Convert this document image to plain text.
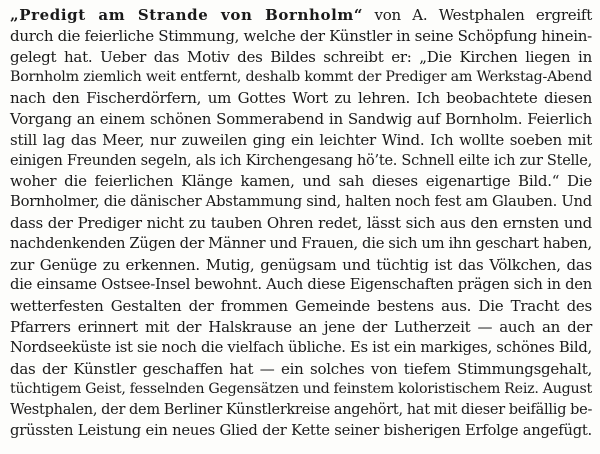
„Predigt am Strande von Bornholm“ von A. Westphalen ergreift
durch die feierliche Stimmung, welche der Künstler in seine Schöpfung hinein-
gelegt hat. Ueber das Motiv des Bildes schreibt er: „Die Kirchen liegen in
Bornholm ziemlich weit entfernt, deshalb kommt der Prediger am Werkstag-Abend
nach den Fischerdörfern, um Gottes Wort zu lehren. Ich beobachtete diesen
Vorgang an einem schönen Sommerabend in Sandwig auf Bornholm. Feierlich
still lag das Meer, nur zuweilen ging ein leichter Wind. Ich wollte soeben mit
einigen Freunden segeln, als ich Kirchengesang hö’te. Schnell eilte ich zur Stelle,
woher die feierlichen Klänge kamen, und sah dieses eigenartige Bild.“ Die
Bornholmer, die dänischer Abstammung sind, halten noch fest am Glauben. Und
dass der Prediger nicht zu tauben Ohren redet, lässt sich aus den ernsten und
nachdenkenden Zügen der Männer und Frauen, die sich um ihn geschart haben,
zur Genüge zu erkennen. Mutig, genügsam und tüchtig ist das Völkchen, das
die einsame Ostsee-Insel bewohnt. Auch diese Eigenschaften prägen sich in den
wetterfesten Gestalten der frommen Gemeinde bestens aus. Die Tracht des
Pfarrers erinnert mit der Halskrause an jene der Lutherzeit — auch an der
Nordseeküste ist sie noch die vielfach übliche. Es ist ein markiges, schönes Bild,
das der Künstler geschaffen hat — ein solches von tiefem Stimmungsgehalt,
tüchtigem Geist, fesselnden Gegensätzen und feinstem koloristischem Reiz. August
Westphalen, der dem Berliner Künstlerkreise angehört, hat mit dieser beifällig be-
grüssten Leistung ein neues Glied der Kette seiner bisherigen Erfolge angefügt.
